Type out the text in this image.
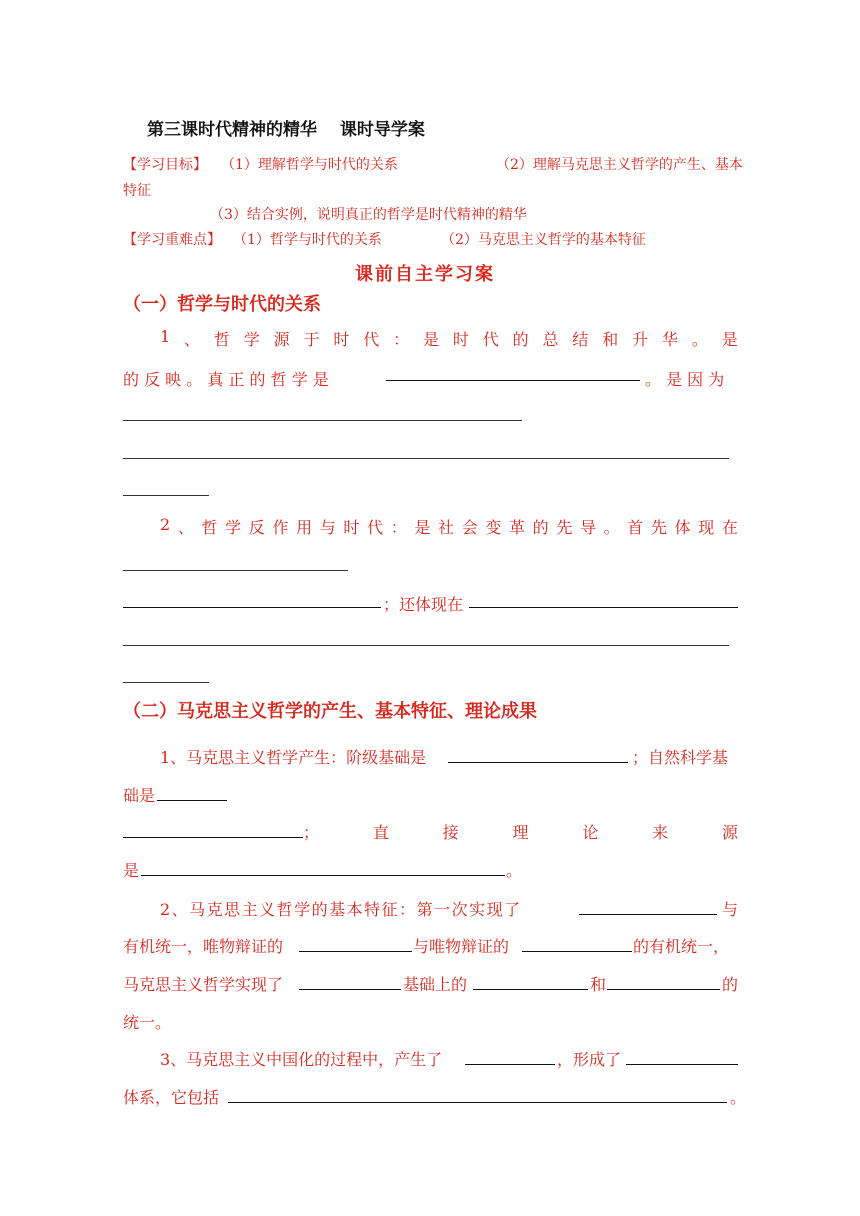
第三课时代精神的精华　 课时导学案
【学习目标】 （1）理解哲学与时代的关系	（2）理解马克思主义哲学的产生、基本
特征
（3）结合实例，说明真正的哲学是时代精神的精华
【学习重难点】 （1）哲学与时代的关系	（2）马克思主义哲学的基本特征
课前自主学习案
（一）哲学与时代的关系
1 、 哲 学 源 于 时 代 ： 是 时 代 的 总 结 和 升 华 。 是
的 反 映 。 真 正 的 哲 学 是	。 是 因 为
2 、 哲 学 反 作 用 与 时 代 ： 是 社 会 变 革 的 先 导 。 首 先 体 现 在
；还体现在
（二）马克思主义哲学的产生、基本特征、理论成果
1、马克思主义哲学产生：阶级基础是	；自然科学基
础是
；	直	接	理	论	来	源
是	。
2、马克思主义哲学的基本特征：第一次实现了	与
有机统一，唯物辩证的	与唯物辩证的	的有机统一，
马克思主义哲学实现了	基础上的	和	的
统一。
3、马克思主义中国化的过程中，产生了	，形成了
体系，它包括	。
